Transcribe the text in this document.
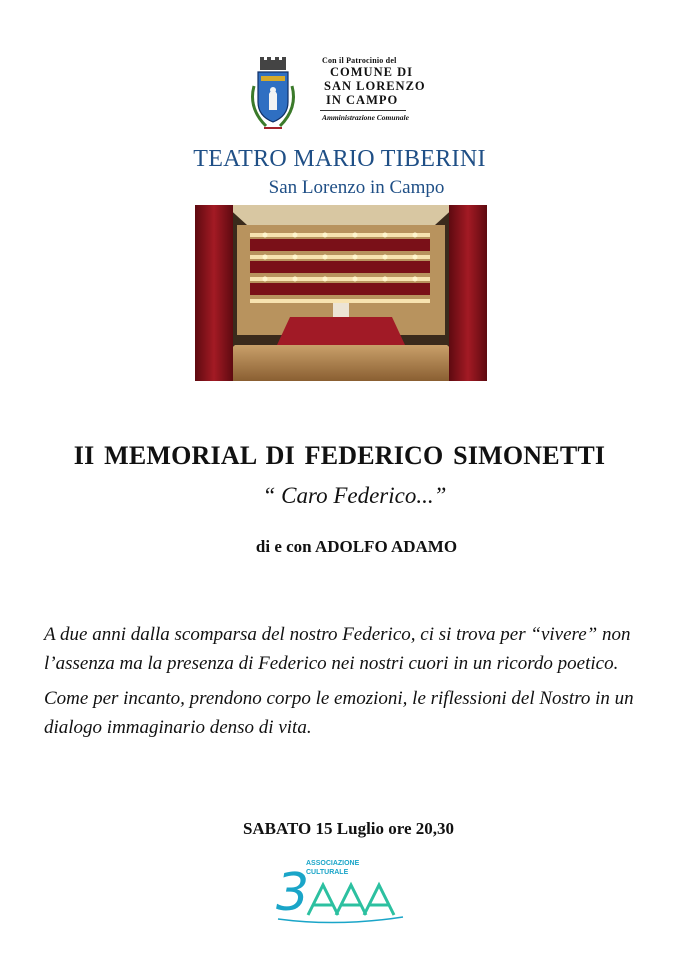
Con il Patrocinio del
COMUNE DI
SAN LORENZO
IN CAMPO
Amministrazione Comunale
TEATRO MARIO TIBERINI
San Lorenzo in Campo
II MEMORIAL DI FEDERICO SIMONETTI
“ Caro Federico...”
di e con ADOLFO ADAMO

A due anni dalla scomparsa del nostro Federico, ci si trova per “vivere” non l’assenza ma la presenza di Federico nei nostri cuori in un ricordo poetico.

Come per incanto, prendono corpo le emozioni, le riflessioni del Nostro in un dialogo immaginario denso di vita.

SABATO 15 Luglio ore 20,30
3
ASSOCIAZIONE
CULTURALE
